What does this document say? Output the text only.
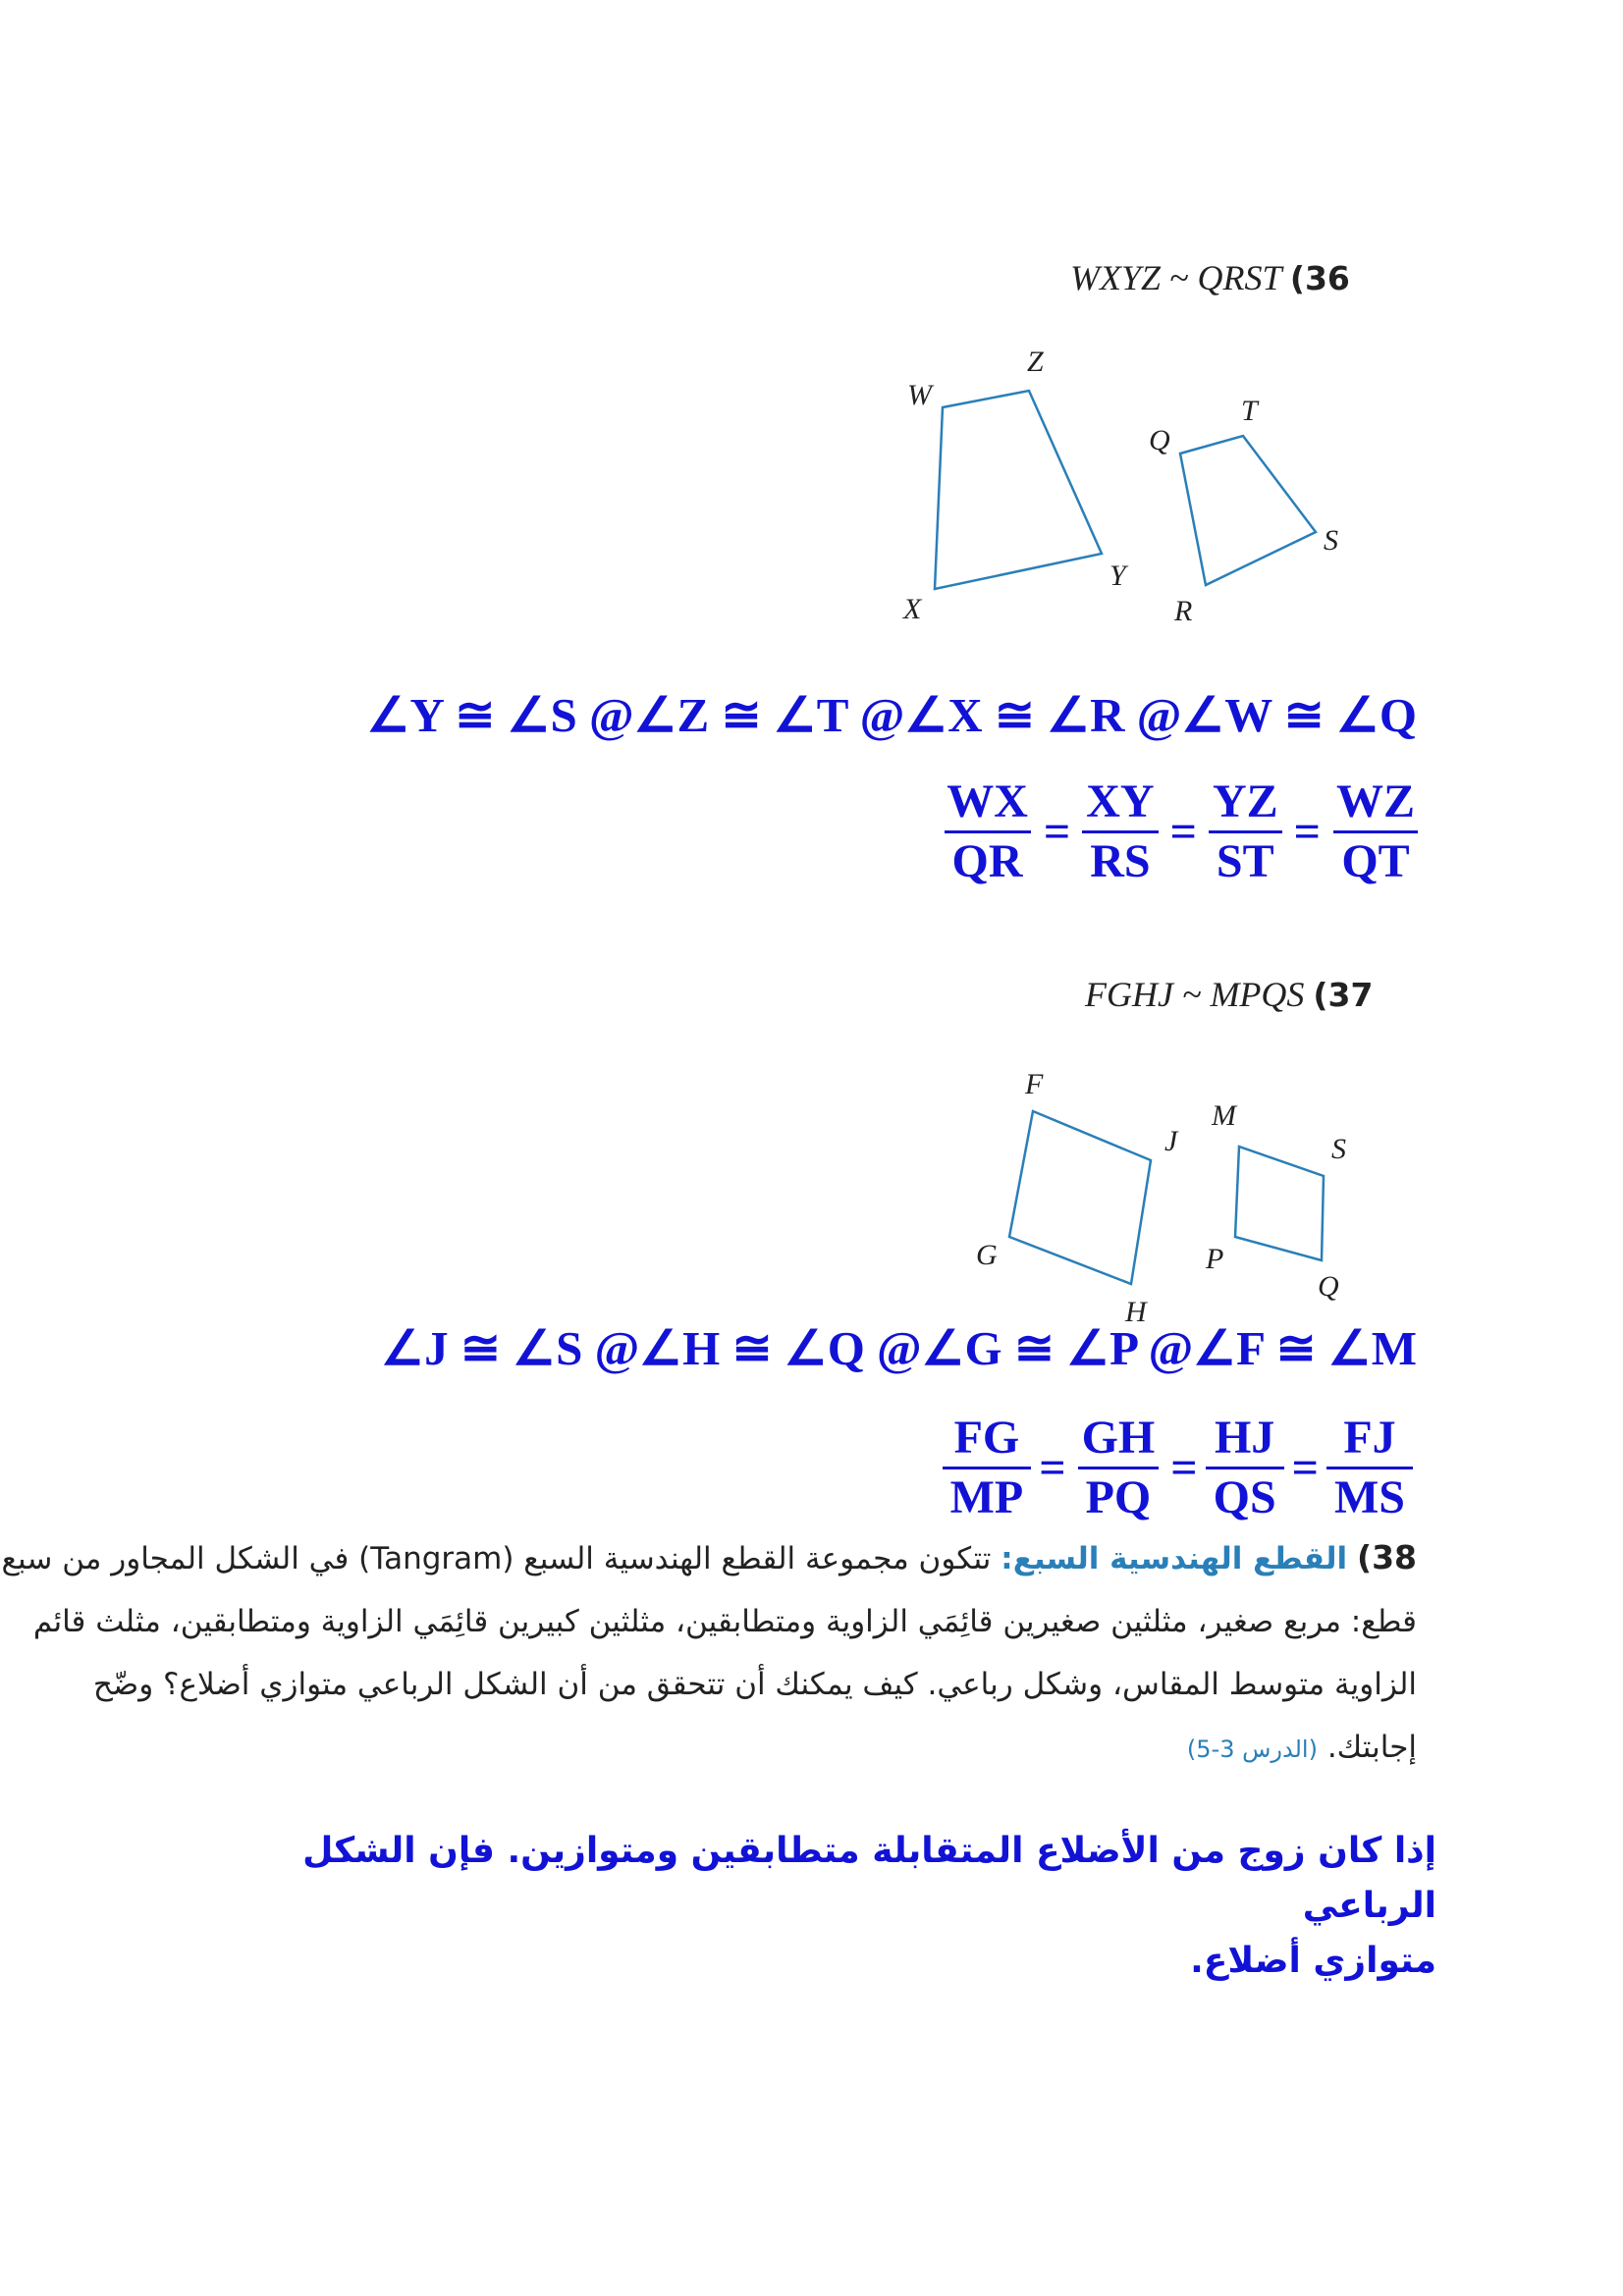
WXYZ ~ QRST (36
W
Z
X
Y
Q
T
S
R
∠Y ≅ ∠S @∠Z ≅ ∠T @∠X ≅ ∠R @∠W ≅ ∠Q
$\frac{WX}{QR} = \frac{XY}{RS} = \frac{YZ}{ST} = \frac{WZ}{QT}$
FGHJ ~ MPQS (37
F
J
G
H
M
S
P
Q
∠J ≅ ∠S @∠H ≅ ∠Q @∠G ≅ ∠P @∠F ≅ ∠M
$\frac{FG}{MP} = \frac{GH}{PQ} = \frac{HJ}{QS} = \frac{FJ}{MS}$
38) القطع الهندسية السبع: تتكون مجموعة القطع الهندسية السبع (Tangram) في الشكل المجاور من سبع
قطع: مربع صغير، مثلثين صغيرين قائِمَي الزاوية ومتطابقين، مثلثين كبيرين قائِمَي الزاوية ومتطابقين، مثلث قائم
الزاوية متوسط المقاس، وشكل رباعي. كيف يمكنك أن تتحقق من أن الشكل الرباعي متوازي أضلاع؟ وضّح
إجابتك. (الدرس 3-5)
إذا كان زوج من الأضلاع المتقابلة متطابقين ومتوازين. فإن الشكل الرباعي
متوازي أضلاع.
